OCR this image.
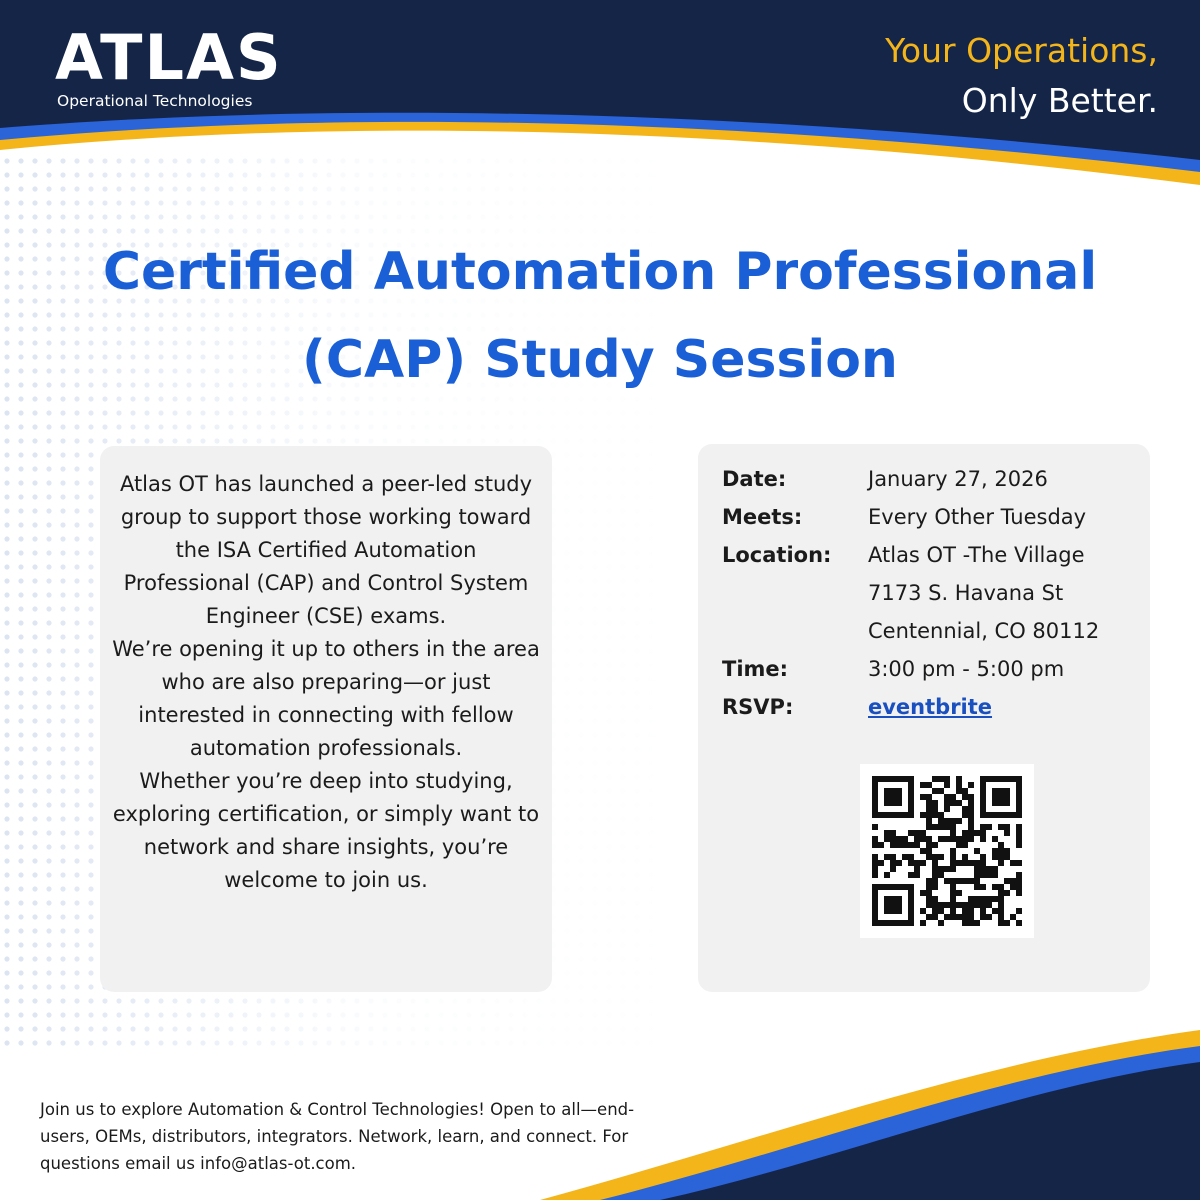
ATLAS
Operational Technologies
Your Operations,
Only Better.
Certified Automation Professional
(CAP) Study Session

Atlas OT has launched a peer-led study group to support those working toward the ISA Certified Automation Professional (CAP) and Control System Engineer (CSE) exams.

We’re opening it up to others in the area who are also preparing—or just interested in connecting with fellow automation professionals.

Whether you’re deep into studying, exploring certification, or simply want to network and share insights, you’re welcome to join us.

Date:	January 27, 2026
Meets:	Every Other Tuesday
Location: Atlas OT -The Village
7173 S. Havana St
Centennial, CO 80112
Time:	3:00 pm - 5:00 pm
RSVP:	eventbrite

Join us to explore Automation & Control Technologies! Open to all—end-users, OEMs, distributors, integrators. Network, learn, and connect. For questions email us info@atlas-ot.com.
